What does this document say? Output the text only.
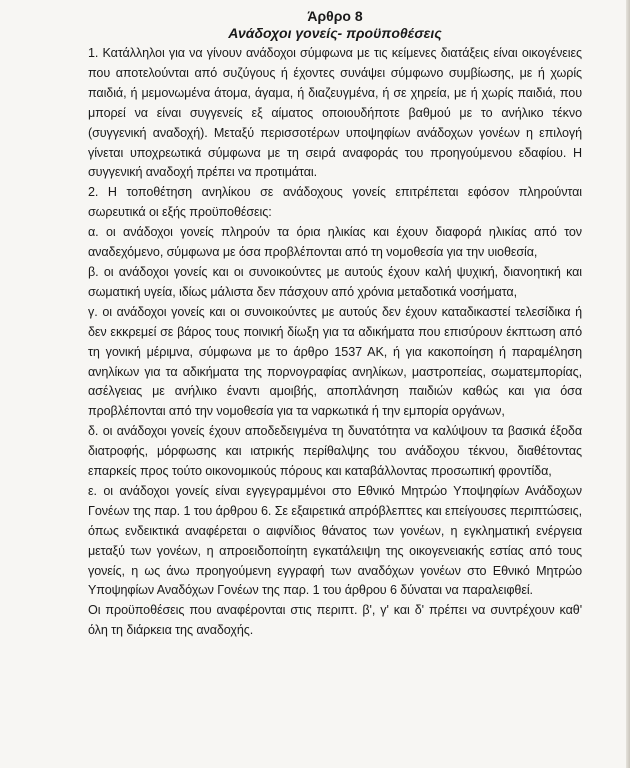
Άρθρο 8
Ανάδοχοι γονείς- προϋποθέσεις

1. Κατάλληλοι για να γίνουν ανάδοχοι σύμφωνα με τις κείμενες διατάξεις είναι οικογένειες που αποτελούνται από συζύγους ή έχοντες συνάψει σύμφωνο συμβίωσης, με ή χωρίς παιδιά, ή μεμονωμένα άτομα, άγαμα, ή διαζευγμένα, ή σε χηρεία, με ή χωρίς παιδιά, που μπορεί να είναι συγγενείς εξ αίματος οποιουδήποτε βαθμού με το ανήλικο τέκνο (συγγενική αναδοχή). Μεταξύ περισσοτέρων υποψηφίων ανάδοχων γονέων η επιλογή γίνεται υποχρεωτικά σύμφωνα με τη σειρά αναφοράς του προηγούμενου εδαφίου. Η συγγενική αναδοχή πρέπει να προτιμάται.

2. Η τοποθέτηση ανηλίκου σε ανάδοχους γονείς επιτρέπεται εφόσον πληρούνται σωρευτικά οι εξής προϋποθέσεις:

α. οι ανάδοχοι γονείς πληρούν τα όρια ηλικίας και έχουν διαφορά ηλικίας από τον αναδεχόμενο, σύμφωνα με όσα προβλέπονται από τη νομοθεσία για την υιοθεσία,

β. οι ανάδοχοι γονείς και οι συνοικούντες με αυτούς έχουν καλή ψυχική, διανοητική και σωματική υγεία, ιδίως μάλιστα δεν πάσχουν από χρόνια μεταδοτικά νοσήματα,

γ. οι ανάδοχοι γονείς και οι συνοικούντες με αυτούς δεν έχουν καταδικαστεί τελεσίδικα ή δεν εκκρεμεί σε βάρος τους ποινική δίωξη για τα αδικήματα που επισύρουν έκπτωση από τη γονική μέριμνα, σύμφωνα με το άρθρο 1537 ΑΚ, ή για κακοποίηση ή παραμέληση ανηλίκων για τα αδικήματα της πορνογραφίας ανηλίκων, μαστροπείας, σωματεμπορίας, ασέλγειας με ανήλικο έναντι αμοιβής, αποπλάνηση παιδιών καθώς και για όσα προβλέπονται από την νομοθεσία για τα ναρκωτικά ή την εμπορία οργάνων,

δ. οι ανάδοχοι γονείς έχουν αποδεδειγμένα τη δυνατότητα να καλύψουν τα βασικά έξοδα διατροφής, μόρφωσης και ιατρικής περίθαλψης του ανάδοχου τέκνου, διαθέτοντας επαρκείς προς τούτο οικονομικούς πόρους και καταβάλλοντας προσωπική φροντίδα,

ε. οι ανάδοχοι γονείς είναι εγγεγραμμένοι στο Εθνικό Μητρώο Υποψηφίων Ανάδοχων Γονέων της παρ. 1 του άρθρου 6. Σε εξαιρετικά απρόβλεπτες και επείγουσες περιπτώσεις, όπως ενδεικτικά αναφέρεται ο αιφνίδιος θάνατος των γονέων, η εγκληματική ενέργεια μεταξύ των γονέων, η απροειδοποίητη εγκατάλειψη της οικογενειακής εστίας από τους γονείς, η ως άνω προηγούμενη εγγραφή των αναδόχων γονέων στο Εθνικό Μητρώο Υποψηφίων Αναδόχων Γονέων της παρ. 1 του άρθρου 6 δύναται να παραλειφθεί.

Οι προϋποθέσεις που αναφέρονται στις περιπτ. β', γ' και δ' πρέπει να συντρέχουν καθ' όλη τη διάρκεια της αναδοχής.
